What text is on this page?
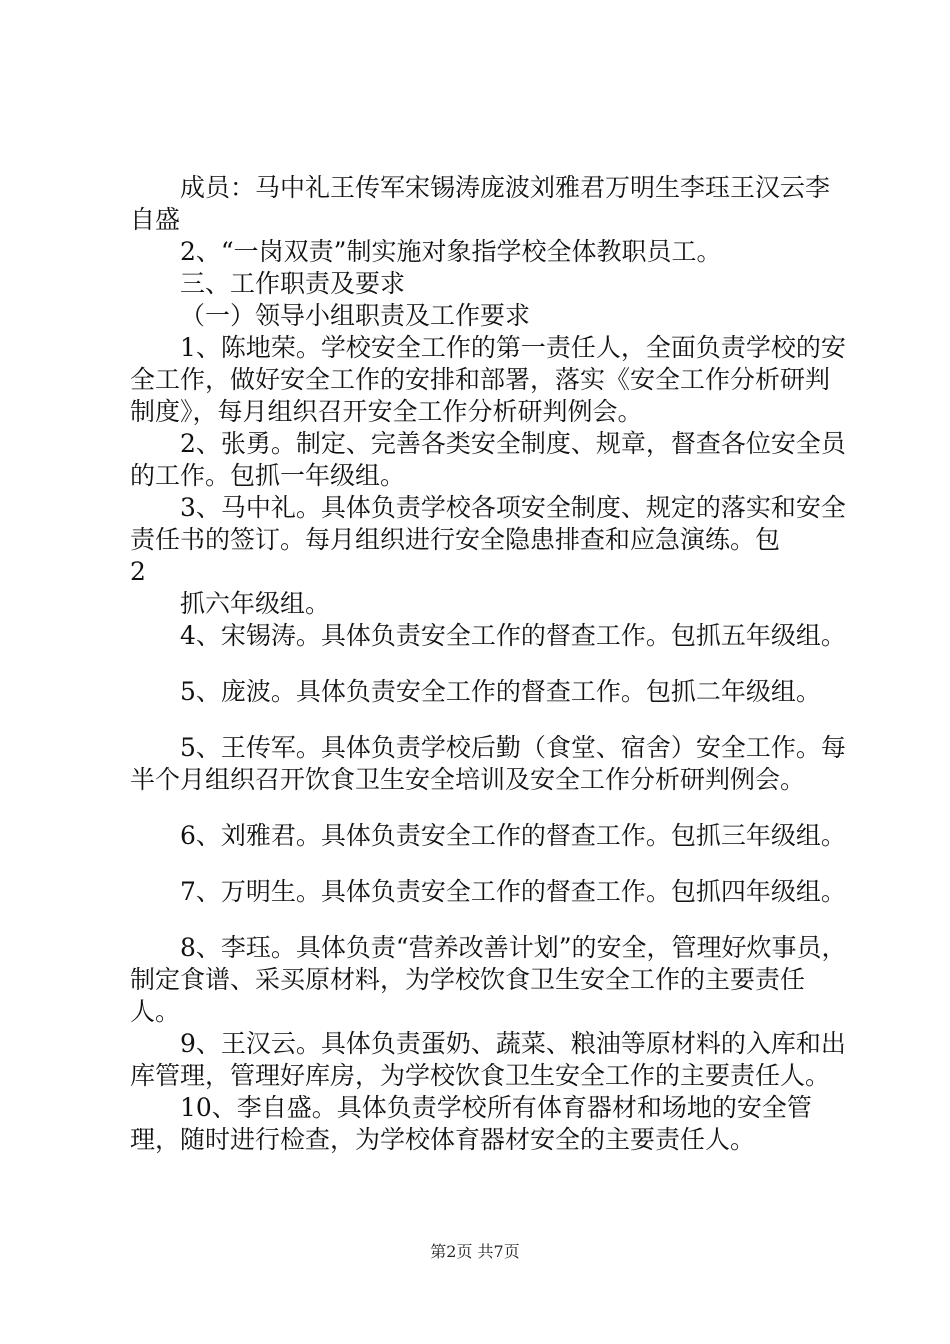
成员：马中礼王传军宋锡涛庞波刘雅君万明生李珏王汉云李自盛

2、“一岗双责”制实施对象指学校全体教职员工。

三、工作职责及要求

（一）领导小组职责及工作要求

1、陈地荣。学校安全工作的第一责任人，全面负责学校的安全工作，做好安全工作的安排和部署，落实《安全工作分析研判制度》，每月组织召开安全工作分析研判例会。

2、张勇。制定、完善各类安全制度、规章，督查各位安全员的工作。包抓一年级组。

3、马中礼。具体负责学校各项安全制度、规定的落实和安全责任书的签订。每月组织进行安全隐患排查和应急演练。包

2

抓六年级组。

4、宋锡涛。具体负责安全工作的督查工作。包抓五年级组。

5、庞波。具体负责安全工作的督查工作。包抓二年级组。

5、王传军。具体负责学校后勤（食堂、宿舍）安全工作。每半个月组织召开饮食卫生安全培训及安全工作分析研判例会。

6、刘雅君。具体负责安全工作的督查工作。包抓三年级组。

7、万明生。具体负责安全工作的督查工作。包抓四年级组。

8、李珏。具体负责“营养改善计划”的安全，管理好炊事员，制定食谱、采买原材料，为学校饮食卫生安全工作的主要责任人。

9、王汉云。具体负责蛋奶、蔬菜、粮油等原材料的入库和出库管理，管理好库房，为学校饮食卫生安全工作的主要责任人。

10、李自盛。具体负责学校所有体育器材和场地的安全管理，随时进行检查，为学校体育器材安全的主要责任人。

第2页 共7页
